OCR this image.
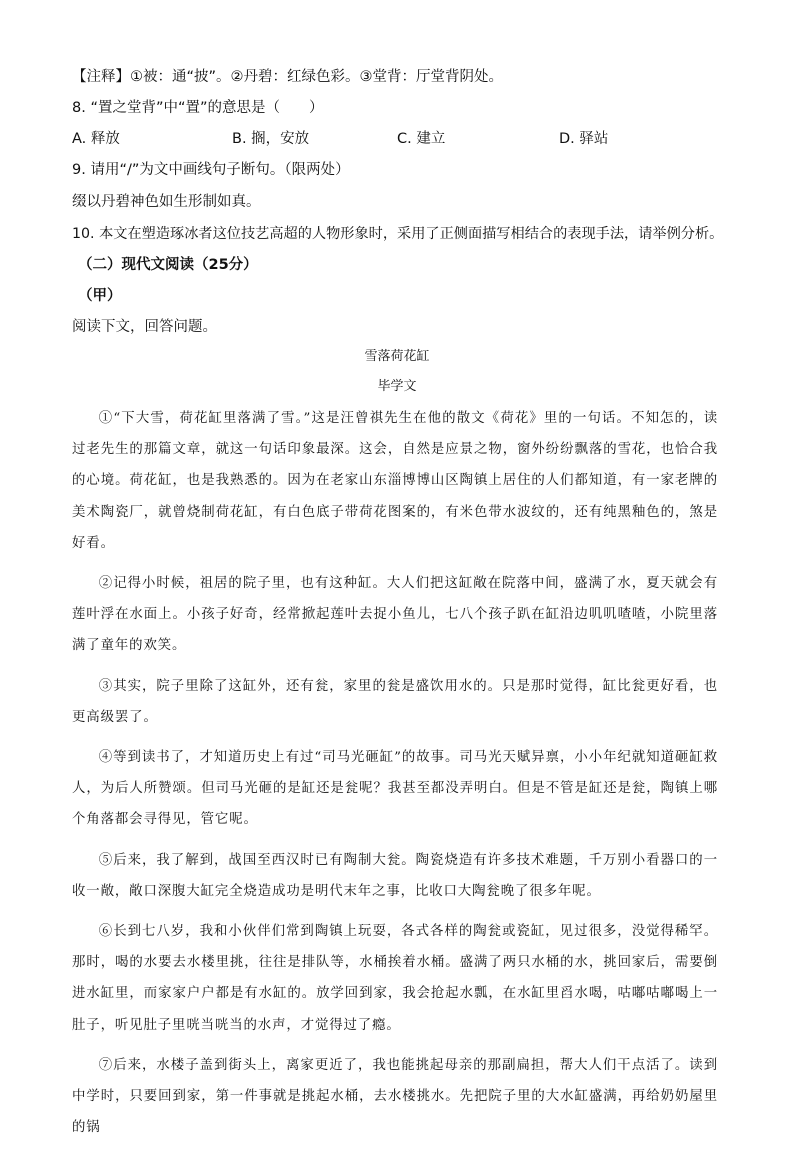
【注释】①被：通“披”。②丹碧：红绿色彩。③堂背：厅堂背阴处。
8. “置之堂背”中“置”的意思是（　　）
A. 释放	B. 搁，安放	C. 建立	D. 驿站
9. 请用“/”为文中画线句子断句。（限两处）
缀以丹碧神色如生形制如真。
10. 本文在塑造琢冰者这位技艺高超的人物形象时，采用了正侧面描写相结合的表现手法，请举例分析。
（二）现代文阅读（25分）
（甲）
阅读下文，回答问题。
雪落荷花缸
毕学文

①“下大雪，荷花缸里落满了雪。”这是汪曾祺先生在他的散文《荷花》里的一句话。不知怎的，读过老先生的那篇文章，就这一句话印象最深。这会，自然是应景之物，窗外纷纷飘落的雪花，也恰合我的心境。荷花缸，也是我熟悉的。因为在老家山东淄博博山区陶镇上居住的人们都知道，有一家老牌的美术陶瓷厂，就曾烧制荷花缸，有白色底子带荷花图案的，有米色带水波纹的，还有纯黑釉色的，煞是好看。

②记得小时候，祖居的院子里，也有这种缸。大人们把这缸敞在院落中间，盛满了水，夏天就会有莲叶浮在水面上。小孩子好奇，经常掀起莲叶去捉小鱼儿，七八个孩子趴在缸沿边叽叽喳喳，小院里落满了童年的欢笑。

③其实，院子里除了这缸外，还有瓮，家里的瓮是盛饮用水的。只是那时觉得，缸比瓮更好看，也更高级罢了。

④等到读书了，才知道历史上有过“司马光砸缸”的故事。司马光天赋异禀，小小年纪就知道砸缸救人，为后人所赞颂。但司马光砸的是缸还是瓮呢？我甚至都没弄明白。但是不管是缸还是瓮，陶镇上哪个角落都会寻得见，管它呢。

⑤后来，我了解到，战国至西汉时已有陶制大瓮。陶瓷烧造有许多技术难题，千万别小看器口的一收一敞，敞口深腹大缸完全烧造成功是明代末年之事，比收口大陶瓮晚了很多年呢。

⑥长到七八岁，我和小伙伴们常到陶镇上玩耍，各式各样的陶瓮或瓷缸，见过很多，没觉得稀罕。那时，喝的水要去水楼里挑，往往是排队等，水桶挨着水桶。盛满了两只水桶的水，挑回家后，需要倒进水缸里，而家家户户都是有水缸的。放学回到家，我会抢起水瓢，在水缸里舀水喝，咕嘟咕嘟喝上一肚子，听见肚子里咣当咣当的水声，才觉得过了瘾。

⑦后来，水楼子盖到街头上，离家更近了，我也能挑起母亲的那副扁担，帮大人们干点活了。读到中学时，只要回到家，第一件事就是挑起水桶，去水楼挑水。先把院子里的大水缸盛满，再给奶奶屋里的锅
